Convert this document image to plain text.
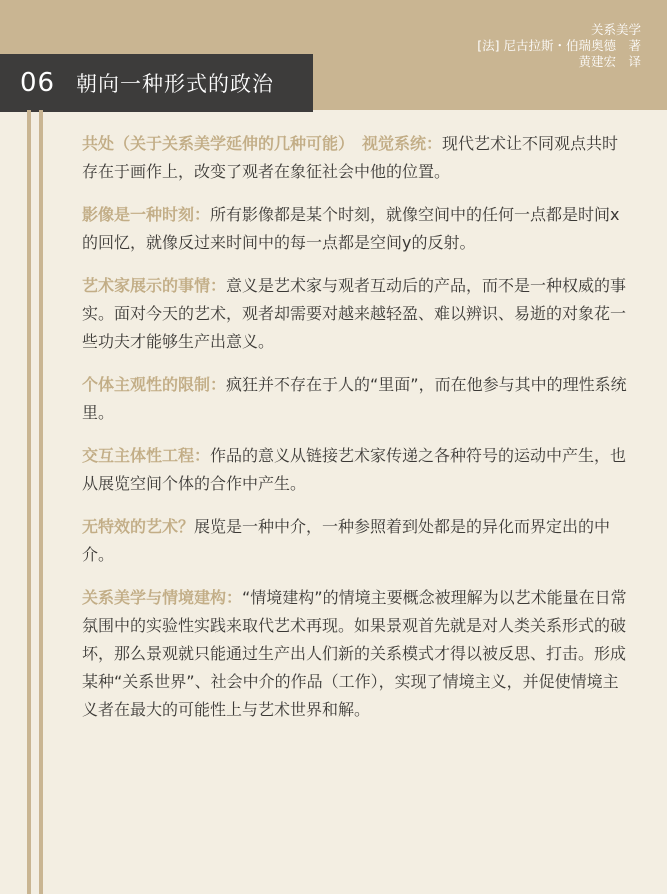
关系美学
[法] 尼古拉斯・伯瑞奥德　著
黄建宏　译
06 朝向一种形式的政治

共处（关于关系美学延伸的几种可能）　视觉系统：现代艺术让不同观点共时存在于画作上，改变了观者在象征社会中他的位置。

影像是一种时刻：所有影像都是某个时刻，就像空间中的任何一点都是时间x的回忆，就像反过来时间中的每一点都是空间y的反射。

艺术家展示的事情：意义是艺术家与观者互动后的产品，而不是一种权威的事实。面对今天的艺术，观者却需要对越来越轻盈、难以辨识、易逝的对象花一些功夫才能够生产出意义。

个体主观性的限制：疯狂并不存在于人的“里面”，而在他参与其中的理性系统里。

交互主体性工程：作品的意义从链接艺术家传递之各种符号的运动中产生，也从展览空间个体的合作中产生。

无特效的艺术？展览是一种中介，一种参照着到处都是的异化而界定出的中介。

关系美学与情境建构：“情境建构”的情境主要概念被理解为以艺术能量在日常氛围中的实验性实践来取代艺术再现。如果景观首先就是对人类关系形式的破坏，那么景观就只能通过生产出人们新的关系模式才得以被反思、打击。形成某种“关系世界”、社会中介的作品（工作），实现了情境主义，并促使情境主义者在最大的可能性上与艺术世界和解。
